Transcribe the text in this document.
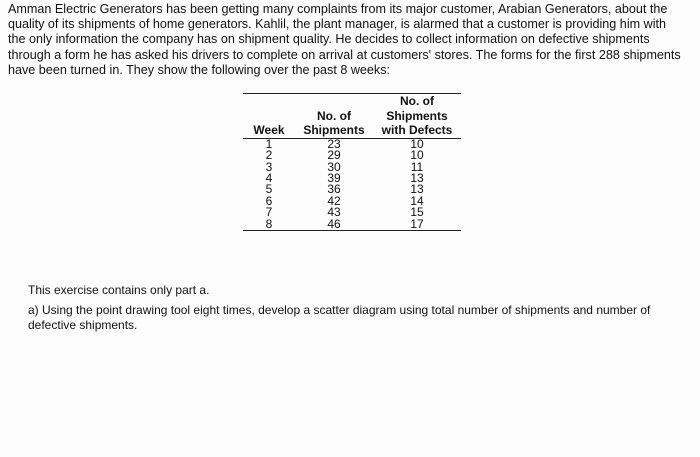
Amman Electric Generators has been getting many complaints from its major customer, Arabian Generators, about the
quality of its shipments of home generators. Kahlil, the plant manager, is alarmed that a customer is providing him with
the only information the company has on shipment quality. He decides to collect information on defective shipments
through a form he has asked his drivers to complete on arrival at customers' stores. The forms for the first 288 shipments
have been turned in. They show the following over the past 8 weeks:

		No. of
	No. of	Shipments
Week	Shipments	with Defects
1	23	10
2	29	10
3	30	11
4	39	13
5	36	13
6	42	14
7	43	15
8	46	17

This exercise contains only part a.

a) Using the point drawing tool eight times, develop a scatter diagram using total number of shipments and number of
defective shipments.
